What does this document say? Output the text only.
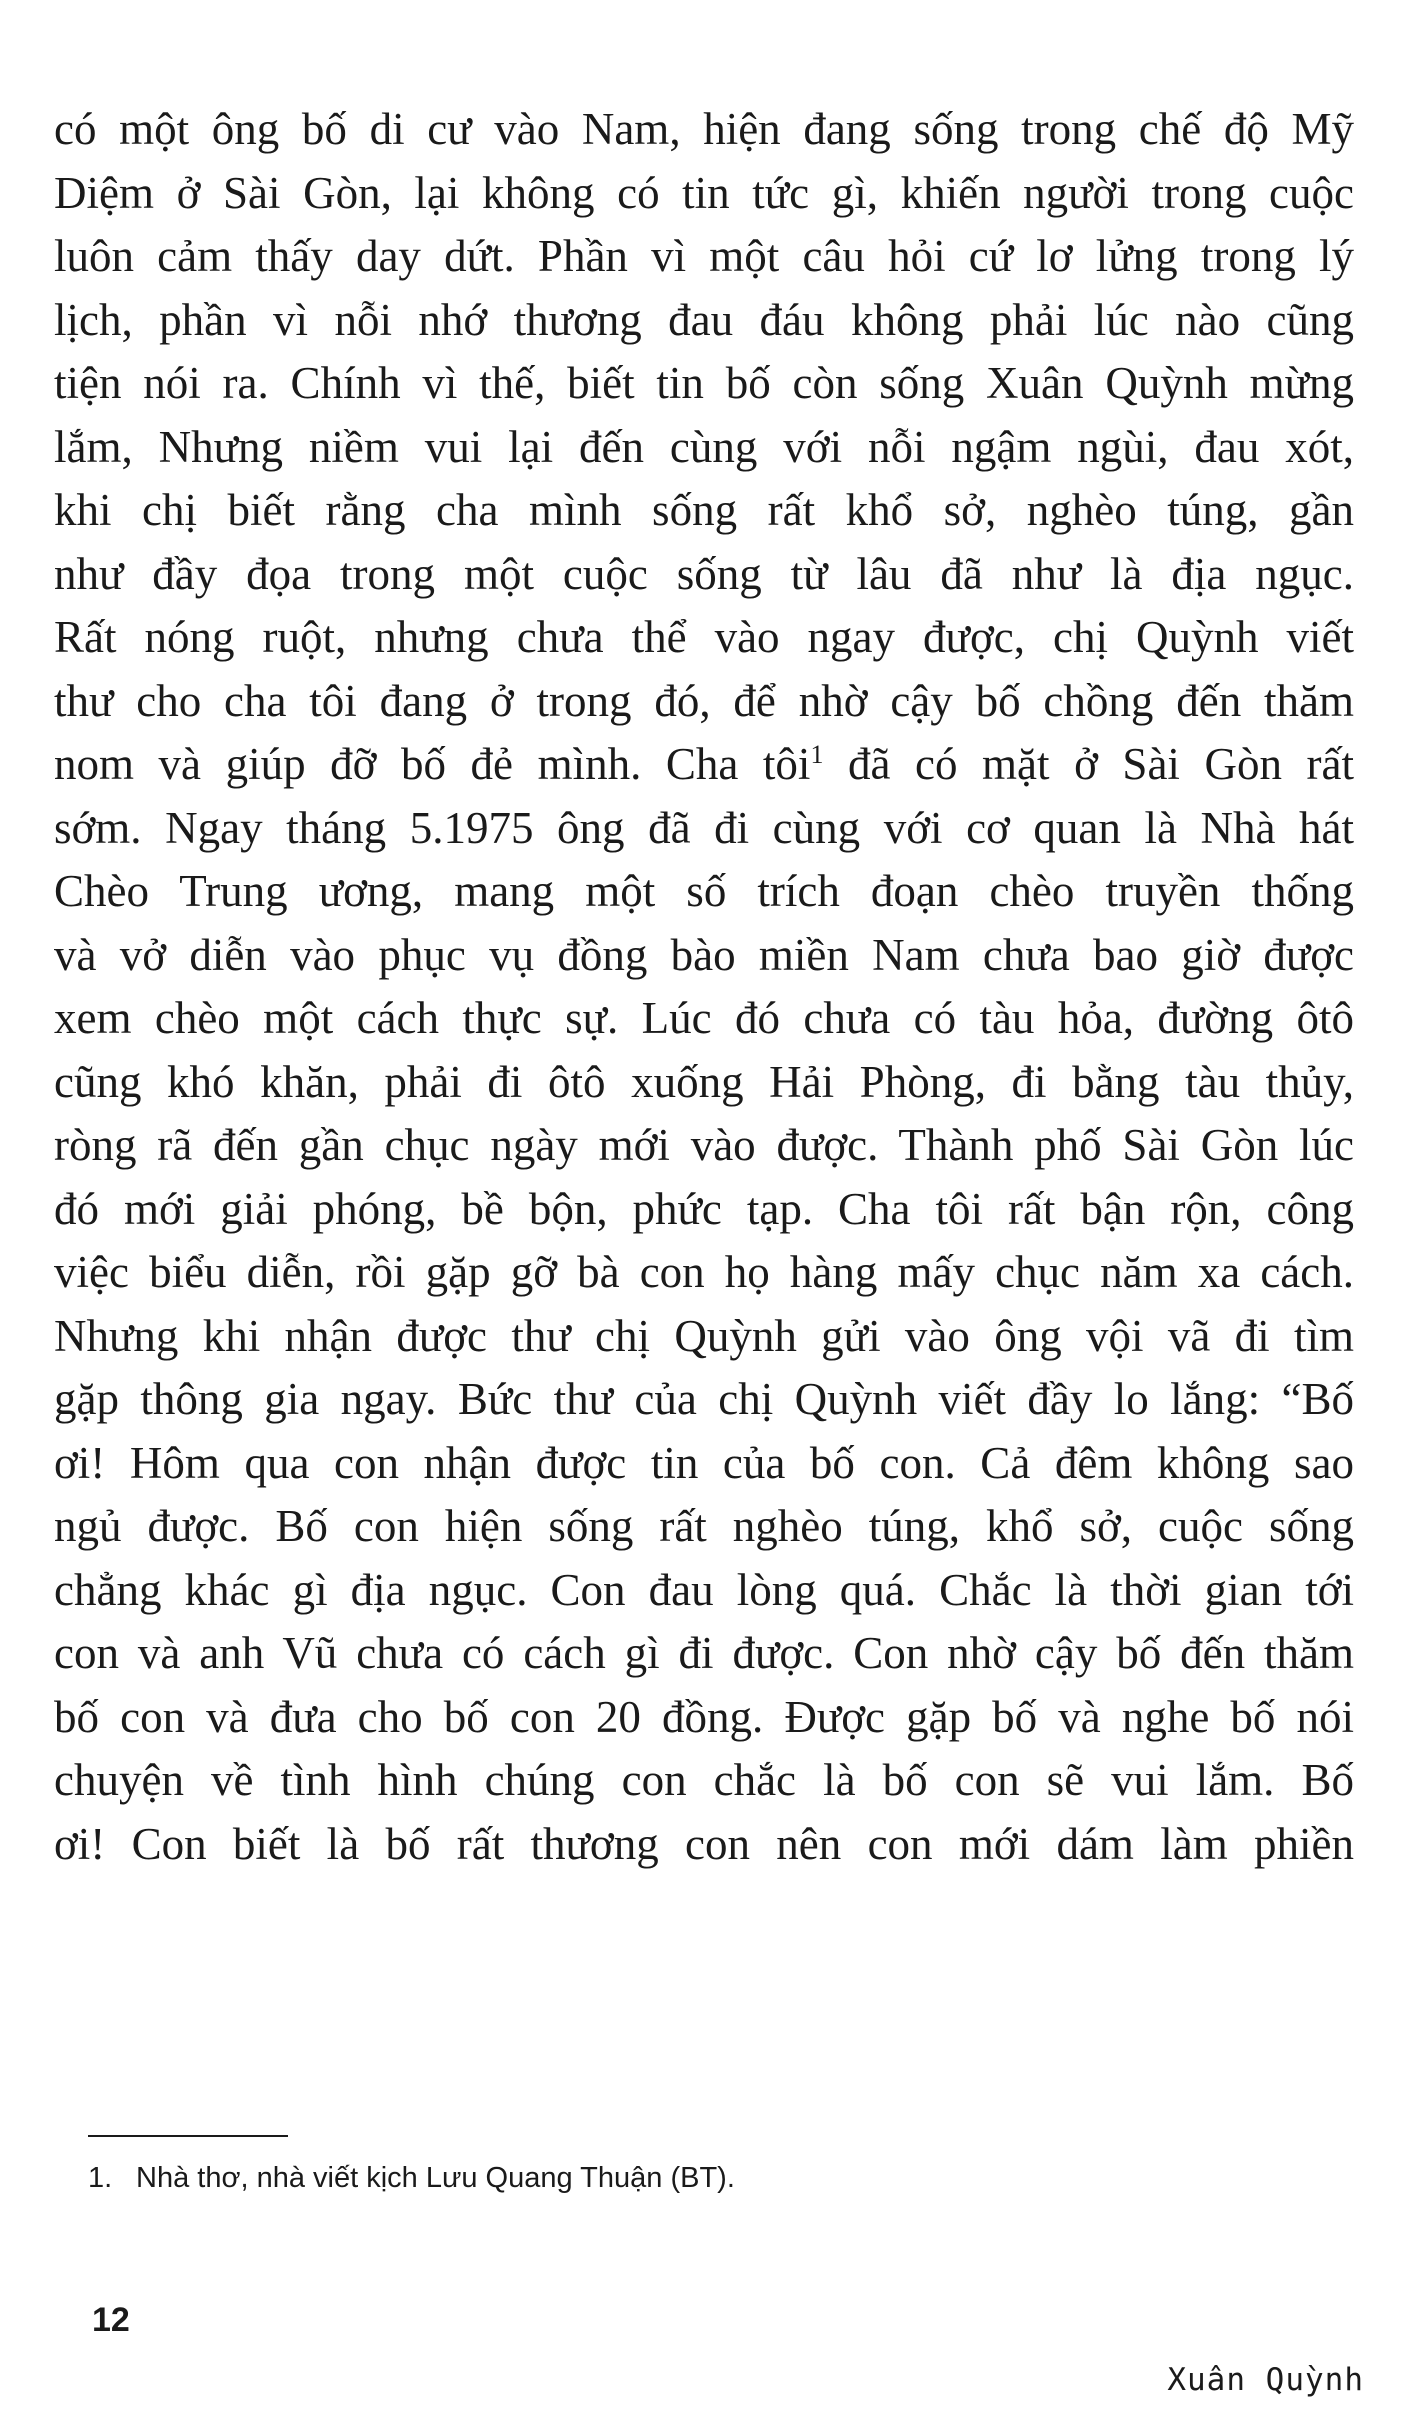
có một ông bố di cư vào Nam, hiện đang sống trong chế độ Mỹ
Diệm ở Sài Gòn, lại không có tin tức gì, khiến người trong cuộc
luôn cảm thấy day dứt. Phần vì một câu hỏi cứ lơ lửng trong lý
lịch, phần vì nỗi nhớ thương đau đáu không phải lúc nào cũng
tiện nói ra. Chính vì thế, biết tin bố còn sống Xuân Quỳnh mừng
lắm, Nhưng niềm vui lại đến cùng với nỗi ngậm ngùi, đau xót,
khi chị biết rằng cha mình sống rất khổ sở, nghèo túng, gần
như đầy đọa trong một cuộc sống từ lâu đã như là địa ngục.
Rất nóng ruột, nhưng chưa thể vào ngay được, chị Quỳnh viết
thư cho cha tôi đang ở trong đó, để nhờ cậy bố chồng đến thăm
nom và giúp đỡ bố đẻ mình. Cha tôi$^1$ đã có mặt ở Sài Gòn rất
sớm. Ngay tháng 5.1975 ông đã đi cùng với cơ quan là Nhà hát
Chèo Trung ương, mang một số trích đoạn chèo truyền thống
và vở diễn vào phục vụ đồng bào miền Nam chưa bao giờ được
xem chèo một cách thực sự. Lúc đó chưa có tàu hỏa, đường ôtô
cũng khó khăn, phải đi ôtô xuống Hải Phòng, đi bằng tàu thủy,
ròng rã đến gần chục ngày mới vào được. Thành phố Sài Gòn lúc
đó mới giải phóng, bề bộn, phức tạp. Cha tôi rất bận rộn, công
việc biểu diễn, rồi gặp gỡ bà con họ hàng mấy chục năm xa cách.
Nhưng khi nhận được thư chị Quỳnh gửi vào ông vội vã đi tìm
gặp thông gia ngay. Bức thư của chị Quỳnh viết đầy lo lắng: “Bố
ơi! Hôm qua con nhận được tin của bố con. Cả đêm không sao
ngủ được. Bố con hiện sống rất nghèo túng, khổ sở, cuộc sống
chẳng khác gì địa ngục. Con đau lòng quá. Chắc là thời gian tới
con và anh Vũ chưa có cách gì đi được. Con nhờ cậy bố đến thăm
bố con và đưa cho bố con 20 đồng. Được gặp bố và nghe bố nói
chuyện về tình hình chúng con chắc là bố con sẽ vui lắm. Bố
ơi! Con biết là bố rất thương con nên con mới dám làm phiền
1. Nhà thơ, nhà viết kịch Lưu Quang Thuận (BT).
12
Xuân Quỳnh
